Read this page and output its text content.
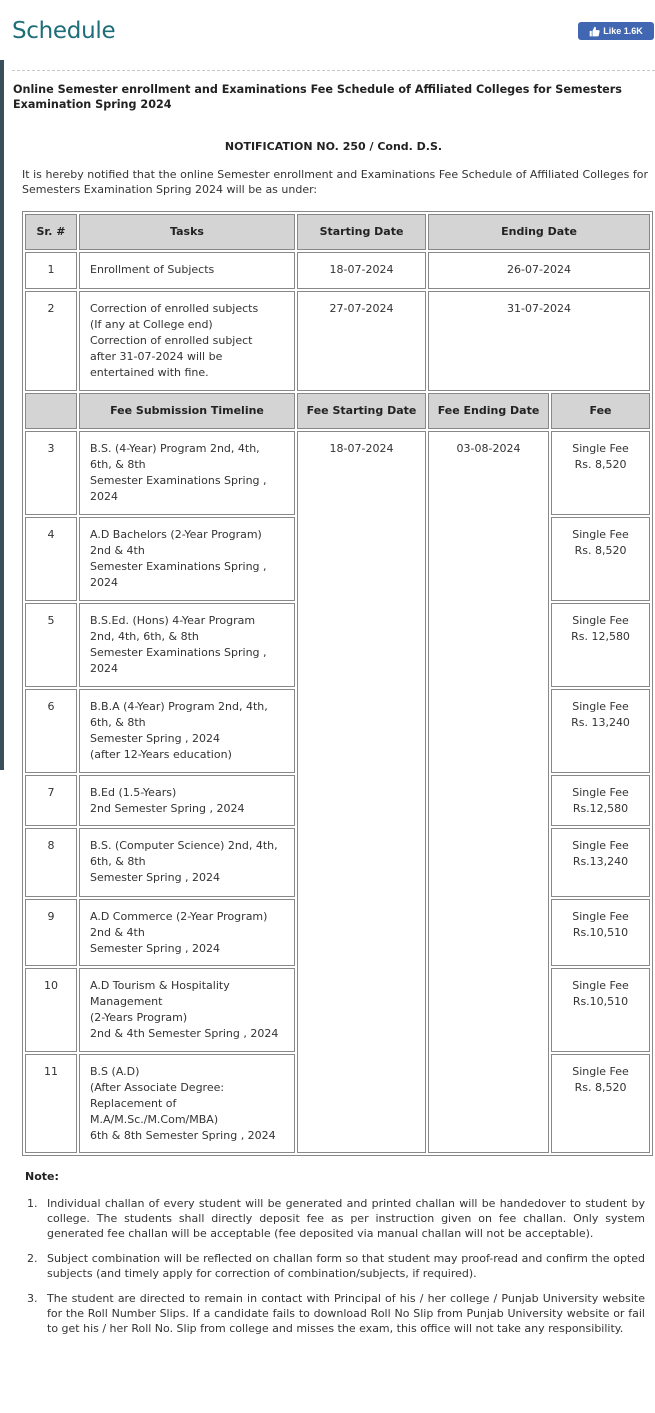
Schedule	Like 1.6K
Online Semester enrollment and Examinations Fee Schedule of Affiliated Colleges for Semesters Examination Spring 2024
NOTIFICATION NO. 250 / Cond. D.S.

It is hereby notified that the online Semester enrollment and Examinations Fee Schedule of Affiliated Colleges for Semesters Examination Spring 2024 will be as under:

Sr. #	Tasks	Starting Date	Ending Date	
1	Enrollment of Subjects	18-07-2024	26-07-2024	
2	Correction of enrolled subjects
(If any at College end)
Correction of enrolled subject
after 31-07-2024 will be
entertained with fine.	27-07-2024	31-07-2024	
	Fee Submission Timeline	Fee Starting Date	Fee Ending Date	Fee
3	B.S. (4-Year) Program 2nd, 4th,
6th, & 8th
Semester Examinations Spring ,
2024	18-07-2024	03-08-2024	Single Fee
Rs. 8,520

4	A.D Bachelors (2-Year Program)
2nd & 4th
Semester Examinations Spring ,
2024			Single Fee
Rs. 8,520

5	B.S.Ed. (Hons) 4-Year Program
2nd, 4th, 6th, & 8th
Semester Examinations Spring ,
2024			Single Fee
Rs. 12,580

6	B.B.A (4-Year) Program 2nd, 4th,
6th, & 8th
Semester Spring , 2024
(after 12-Years education)			Single Fee
Rs. 13,240

7	B.Ed (1.5-Years)
2nd Semester Spring , 2024			Single Fee
Rs.12,580

8	B.S. (Computer Science) 2nd, 4th,
6th, & 8th
Semester Spring , 2024			Single Fee
Rs.13,240

9	A.D Commerce (2-Year Program)
2nd & 4th
Semester Spring , 2024			Single Fee
Rs.10,510

10	A.D Tourism & Hospitality
Management
(2-Years Program)
2nd & 4th Semester Spring , 2024			Single Fee
Rs.10,510

11	B.S (A.D)
(After Associate Degree:
Replacement of
M.A/M.Sc./M.Com/MBA)
6th & 8th Semester Spring , 2024			Single Fee
Rs. 8,520
Note:
1. Individual challan of every student will be generated and printed challan will be handedover to student by college. The students shall directly deposit fee as per instruction given on fee challan. Only system generated fee challan will be acceptable (fee deposited via manual challan will not be acceptable).
2. Subject combination will be reflected on challan form so that student may proof-read and confirm the opted subjects (and timely apply for correction of combination/subjects, if required).
3. The student are directed to remain in contact with Principal of his / her college / Punjab University website for the Roll Number Slips. If a candidate fails to download Roll No Slip from Punjab University website or fail to get his / her Roll No. Slip from college and misses the exam, this office will not take any responsibility.
